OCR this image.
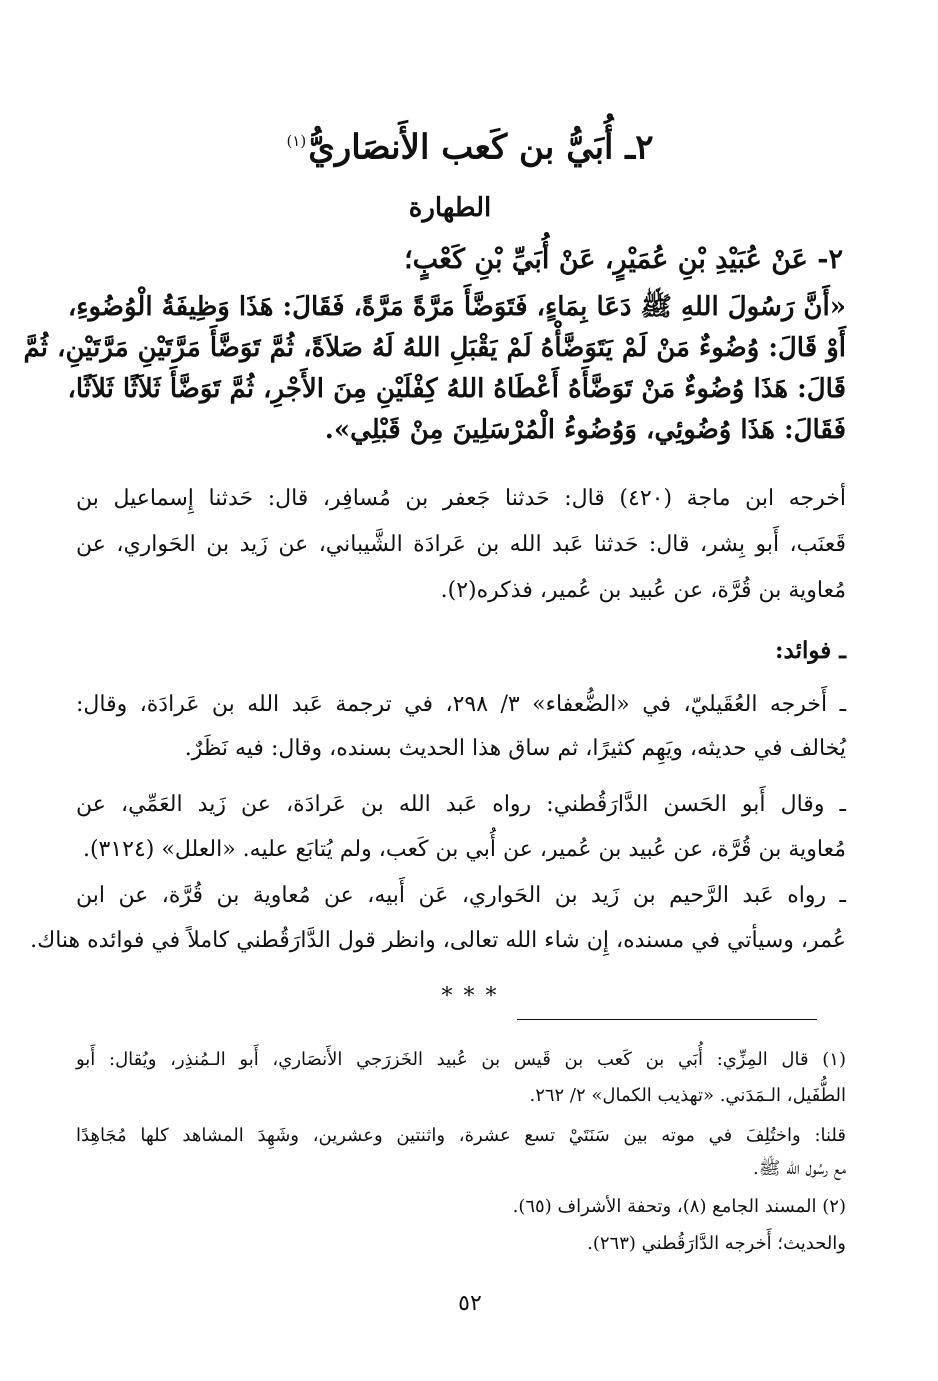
٢ـ أُبَيُّ بن كَعب الأَنصَاريُّ$^{(١)}$
الطهارة
٢- عَنْ عُبَيْدِ بْنِ عُمَيْرٍ، عَنْ أُبَيِّ بْنِ كَعْبٍ؛
«أَنَّ رَسُولَ اللهِ ﷺ دَعَا بِمَاءٍ، فَتَوَضَّأَ مَرَّةً مَرَّةً، فَقَالَ: هَذَا وَظِيفَةُ الْوُضُوءِ،
أَوْ قَالَ: وُضُوءٌ مَنْ لَمْ يَتَوَضَّأْهُ لَمْ يَقْبَلِ اللهُ لَهُ صَلاَةً، ثُمَّ تَوَضَّأَ مَرَّتَيْنِ مَرَّتَيْنِ، ثُمَّ
قَالَ: هَذَا وُضُوءٌ مَنْ تَوَضَّأَهُ أَعْطَاهُ اللهُ كِفْلَيْنِ مِنَ الأَجْرِ، ثُمَّ تَوَضَّأَ ثَلاَثًا ثَلاَثًا،
فَقَالَ: هَذَا وُضُوئِي، وَوُضُوءُ الْمُرْسَلِينَ مِنْ قَبْلِي».
أخرجه ابن ماجة (٤٢٠) قال: حَدثنا جَعفر بن مُسافِر، قال: حَدثنا إِسماعيل بن
قَعنَب، أَبو بِشر، قال: حَدثنا عَبد الله بن عَرادَة الشَّيباني، عن زَيد بن الحَواري، عن
مُعاوية بن قُرَّة، عن عُبيد بن عُمير، فذكره(٢).
ـ فوائد:
ـ أَخرجه العُقَيليّ، في «الضُّعفاء» ٣/ ٢٩٨، في ترجمة عَبد الله بن عَرادَة، وقال:
يُخالف في حديثه، ويَهِم كثيرًا، ثم ساق هذا الحديث بسنده، وقال: فيه نَظَرٌ.
ـ وقال أَبو الحَسن الدَّارَقُطني: رواه عَبد الله بن عَرادَة، عن زَيد العَمِّي، عن
مُعاوية بن قُرَّة، عن عُبيد بن عُمير، عن أُبي بن كَعب، ولم يُتابَع عليه. «العلل» (٣١٢٤).
ـ رواه عَبد الرَّحيم بن زَيد بن الحَواري، عَن أَبيه، عن مُعاوية بن قُرَّة، عن ابن
عُمر، وسيأتي في مسنده، إِن شاء الله تعالى، وانظر قول الدَّارَقُطني كاملاً في فوائده هناك.
* * *
(١) قال المِزِّي: أُبَي بن كَعب بن قَيس بن عُبيد الخَزرَجي الأَنصَاري، أَبو الـمُنذِر، ويُقال: أَبو
الطُّفَيل، الـمَدَني. «تهذيب الكمال» ٢/ ٢٦٢.
قلنا: واختُلِفَ في موته بين سَنَتَيْ تسع عشرة، واثنتين وعشرين، وشَهِدَ المشاهد كلها مُجَاهِدًا
مع رسُول الله ﷺ.
(٢) المسند الجامع (٨)، وتحفة الأشراف (٦٥).
والحديث؛ أَخرجه الدَّارَقُطني (٢٦٣).
٥٢
